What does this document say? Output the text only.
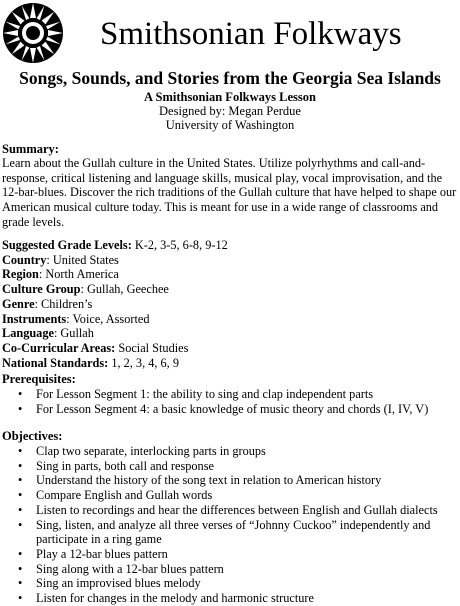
Smithsonian Folkways
Songs, Sounds, and Stories from the Georgia Sea Islands
A Smithsonian Folkways Lesson
Designed by: Megan Perdue
University of Washington
Summary:
Learn about the Gullah culture in the United States. Utilize polyrhythms and call-and-response, critical listening and language skills, musical play, vocal improvisation, and the 12-bar-blues. Discover the rich traditions of the Gullah culture that have helped to shape our American musical culture today. This is meant for use in a wide range of classrooms and grade levels.
Suggested Grade Levels: K-2, 3-5, 6-8, 9-12
Country: United States
Region: North America
Culture Group: Gullah, Geechee
Genre: Children’s
Instruments: Voice, Assorted
Language: Gullah
Co-Curricular Areas: Social Studies
National Standards: 1, 2, 3, 4, 6, 9
Prerequisites:
• For Lesson Segment 1: the ability to sing and clap independent parts
• For Lesson Segment 4: a basic knowledge of music theory and chords (I, IV, V)
Objectives:
• Clap two separate, interlocking parts in groups
• Sing in parts, both call and response
• Understand the history of the song text in relation to American history
• Compare English and Gullah words
• Listen to recordings and hear the differences between English and Gullah dialects
• Sing, listen, and analyze all three verses of “Johnny Cuckoo” independently and participate in a ring game
• Play a 12-bar blues pattern
• Sing along with a 12-bar blues pattern
• Sing an improvised blues melody
• Listen for changes in the melody and harmonic structure
